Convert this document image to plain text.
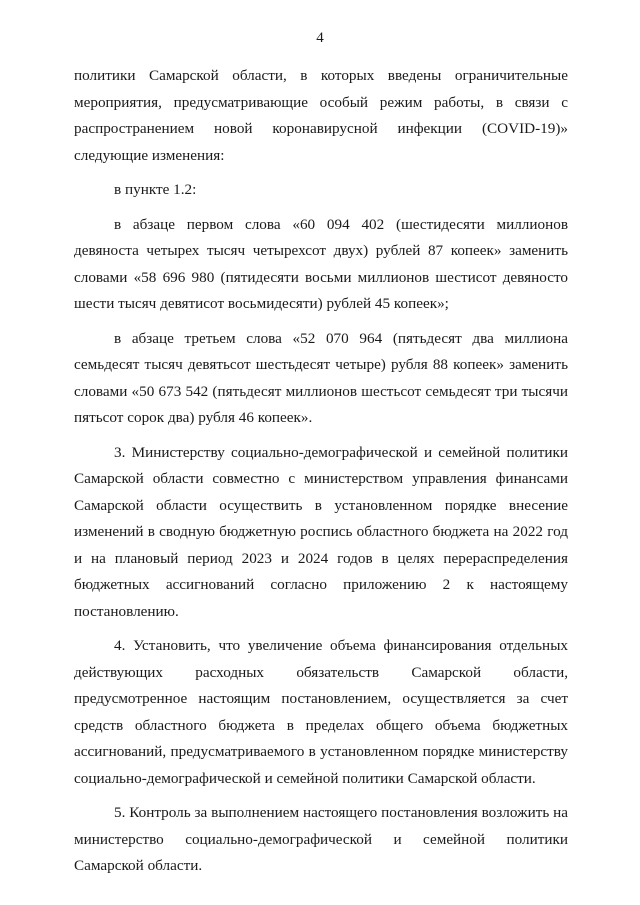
4

политики Самарской области, в которых введены ограничительные мероприятия, предусматривающие особый режим работы, в связи с распространением новой коронавирусной инфекции (COVID-19)» следующие изменения:

в пункте 1.2:

в абзаце первом слова «60 094 402 (шестидесяти миллионов девяноста четырех тысяч четырехсот двух) рублей 87 копеек» заменить словами «58 696 980 (пятидесяти восьми миллионов шестисот девяносто шести тысяч девятисот восьмидесяти) рублей 45 копеек»;

в абзаце третьем слова «52 070 964 (пятьдесят два миллиона семьдесят тысяч девятьсот шестьдесят четыре) рубля 88 копеек» заменить словами «50 673 542 (пятьдесят миллионов шестьсот семьдесят три тысячи пятьсот сорок два) рубля 46 копеек».

3. Министерству социально-демографической и семейной политики Самарской области совместно с министерством управления финансами Самарской области осуществить в установленном порядке внесение изменений в сводную бюджетную роспись областного бюджета на 2022 год и на плановый период 2023 и 2024 годов в целях перераспределения бюджетных ассигнований согласно приложению 2 к настоящему постановлению.

4. Установить, что увеличение объема финансирования отдельных действующих расходных обязательств Самарской области, предусмотренное настоящим постановлением, осуществляется за счет средств областного бюджета в пределах общего объема бюджетных ассигнований, предусматриваемого в установленном порядке министерству социально-демографической и семейной политики Самарской области.

5. Контроль за выполнением настоящего постановления возложить на министерство социально-демографической и семейной политики Самарской области.
